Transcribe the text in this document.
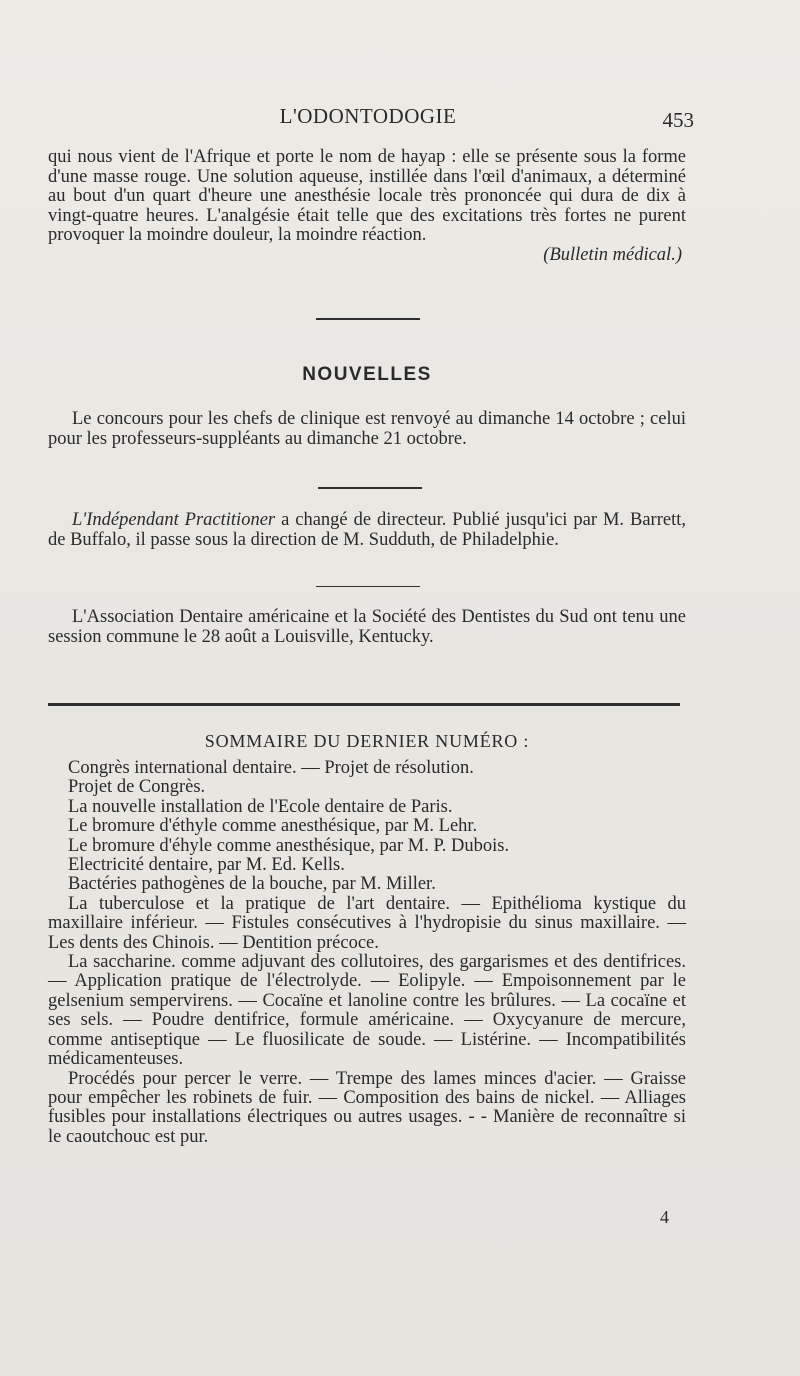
L'ODONTODOGIE	453

qui nous vient de l'Afrique et porte le nom de hayap : elle se présente sous la forme d'une masse rouge. Une solution aqueuse, instillée dans l'œil d'animaux, a déterminé au bout d'un quart d'heure une anesthésie locale très prononcée qui dura de dix à vingt-quatre heures. L'analgésie était telle que des excitations très fortes ne purent provoquer la moindre douleur, la moindre réaction.

(Bulletin médical.)
NOUVELLES

Le concours pour les chefs de clinique est renvoyé au dimanche 14 octobre ; celui pour les professeurs-suppléants au dimanche 21 octobre.

L'Indépendant Practitioner a changé de directeur. Publié jusqu'ici par M. Barrett, de Buffalo, il passe sous la direction de M. Sudduth, de Philadelphie.

L'Association Dentaire américaine et la Société des Dentistes du Sud ont tenu une session commune le 28 août a Louisville, Kentucky.

SOMMAIRE DU DERNIER NUMÉRO :

Congrès international dentaire. — Projet de résolution.

Projet de Congrès.

La nouvelle installation de l'Ecole dentaire de Paris.

Le bromure d'éthyle comme anesthésique, par M. Lehr.

Le bromure d'éhyle comme anesthésique, par M. P. Dubois.

Electricité dentaire, par M. Ed. Kells.

Bactéries pathogènes de la bouche, par M. Miller.

La tuberculose et la pratique de l'art dentaire. — Epithélioma kystique du maxillaire inférieur. — Fistules consécutives à l'hydropisie du sinus maxillaire. — Les dents des Chinois. — Dentition précoce.

La saccharine. comme adjuvant des collutoires, des gargarismes et des dentifrices. — Application pratique de l'électrolyde. — Eolipyle. — Empoisonnement par le gelsenium sempervirens. — Cocaïne et lanoline contre les brûlures. — La cocaïne et ses sels. — Poudre dentifrice, formule américaine. — Oxycyanure de mercure, comme antiseptique — Le fluosilicate de soude. — Listérine. — Incompatibilités médicamenteuses.

Procédés pour percer le verre. — Trempe des lames minces d'acier. — Graisse pour empêcher les robinets de fuir. — Composition des bains de nickel. — Alliages fusibles pour installations électriques ou autres usages. - - Manière de reconnaître si le caoutchouc est pur.

4
